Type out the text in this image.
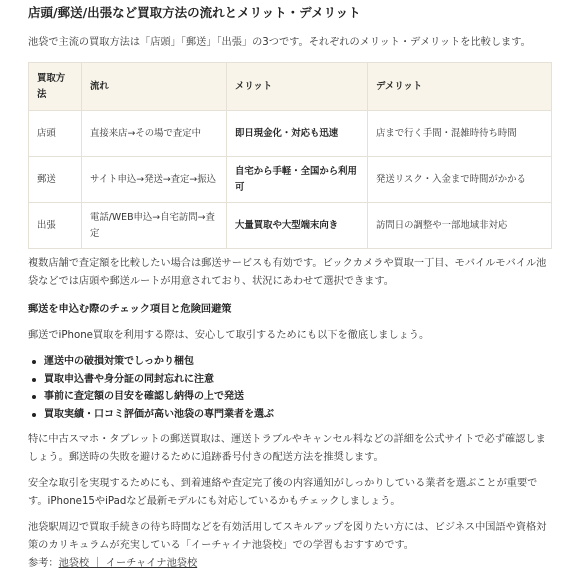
店頭/郵送/出張など買取方法の流れとメリット・デメリット

池袋で主流の買取方法は「店頭」「郵送」「出張」の3つです。それぞれのメリット・デメリットを比較します。

買取方法	流れ	メリット	デメリット
店頭	直接来店→その場で査定中	即日現金化・対応も迅速	店まで行く手間・混雑時待ち時間
郵送	サイト申込→発送→査定→振込	自宅から手軽・全国から利用可	発送リスク・入金まで時間がかかる
出張	電話/WEB申込→自宅訪問→査定	大量買取や大型端末向き	訪問日の調整や一部地域非対応

複数店舗で査定額を比較したい場合は郵送サービスも有効です。ビックカメラや買取一丁目、モバイルモバイル池袋などでは店頭や郵送ルートが用意されており、状況にあわせて選択できます。

郵送を申込む際のチェック項目と危険回避策

郵送でiPhone買取を利用する際は、安心して取引するためにも以下を徹底しましょう。

運送中の破損対策でしっかり梱包
買取申込書や身分証の同封忘れに注意
事前に査定額の目安を確認し納得の上で発送
買取実績・口コミ評価が高い池袋の専門業者を選ぶ

特に中古スマホ・タブレットの郵送買取は、運送トラブルやキャンセル料などの詳細を公式サイトで必ず確認しましょう。郵送時の失敗を避けるために追跡番号付きの配送方法を推奨します。

安全な取引を実現するためにも、到着連絡や査定完了後の内容通知がしっかりしている業者を選ぶことが重要です。iPhone15やiPadなど最新モデルにも対応しているかもチェックしましょう。

池袋駅周辺で買取手続きの待ち時間などを有効活用してスキルアップを図りたい方には、ビジネス中国語や資格対策のカリキュラムが充実している「イーチャイナ池袋校」での学習もおすすめです。

参考：池袋校 ｜ イーチャイナ池袋校
